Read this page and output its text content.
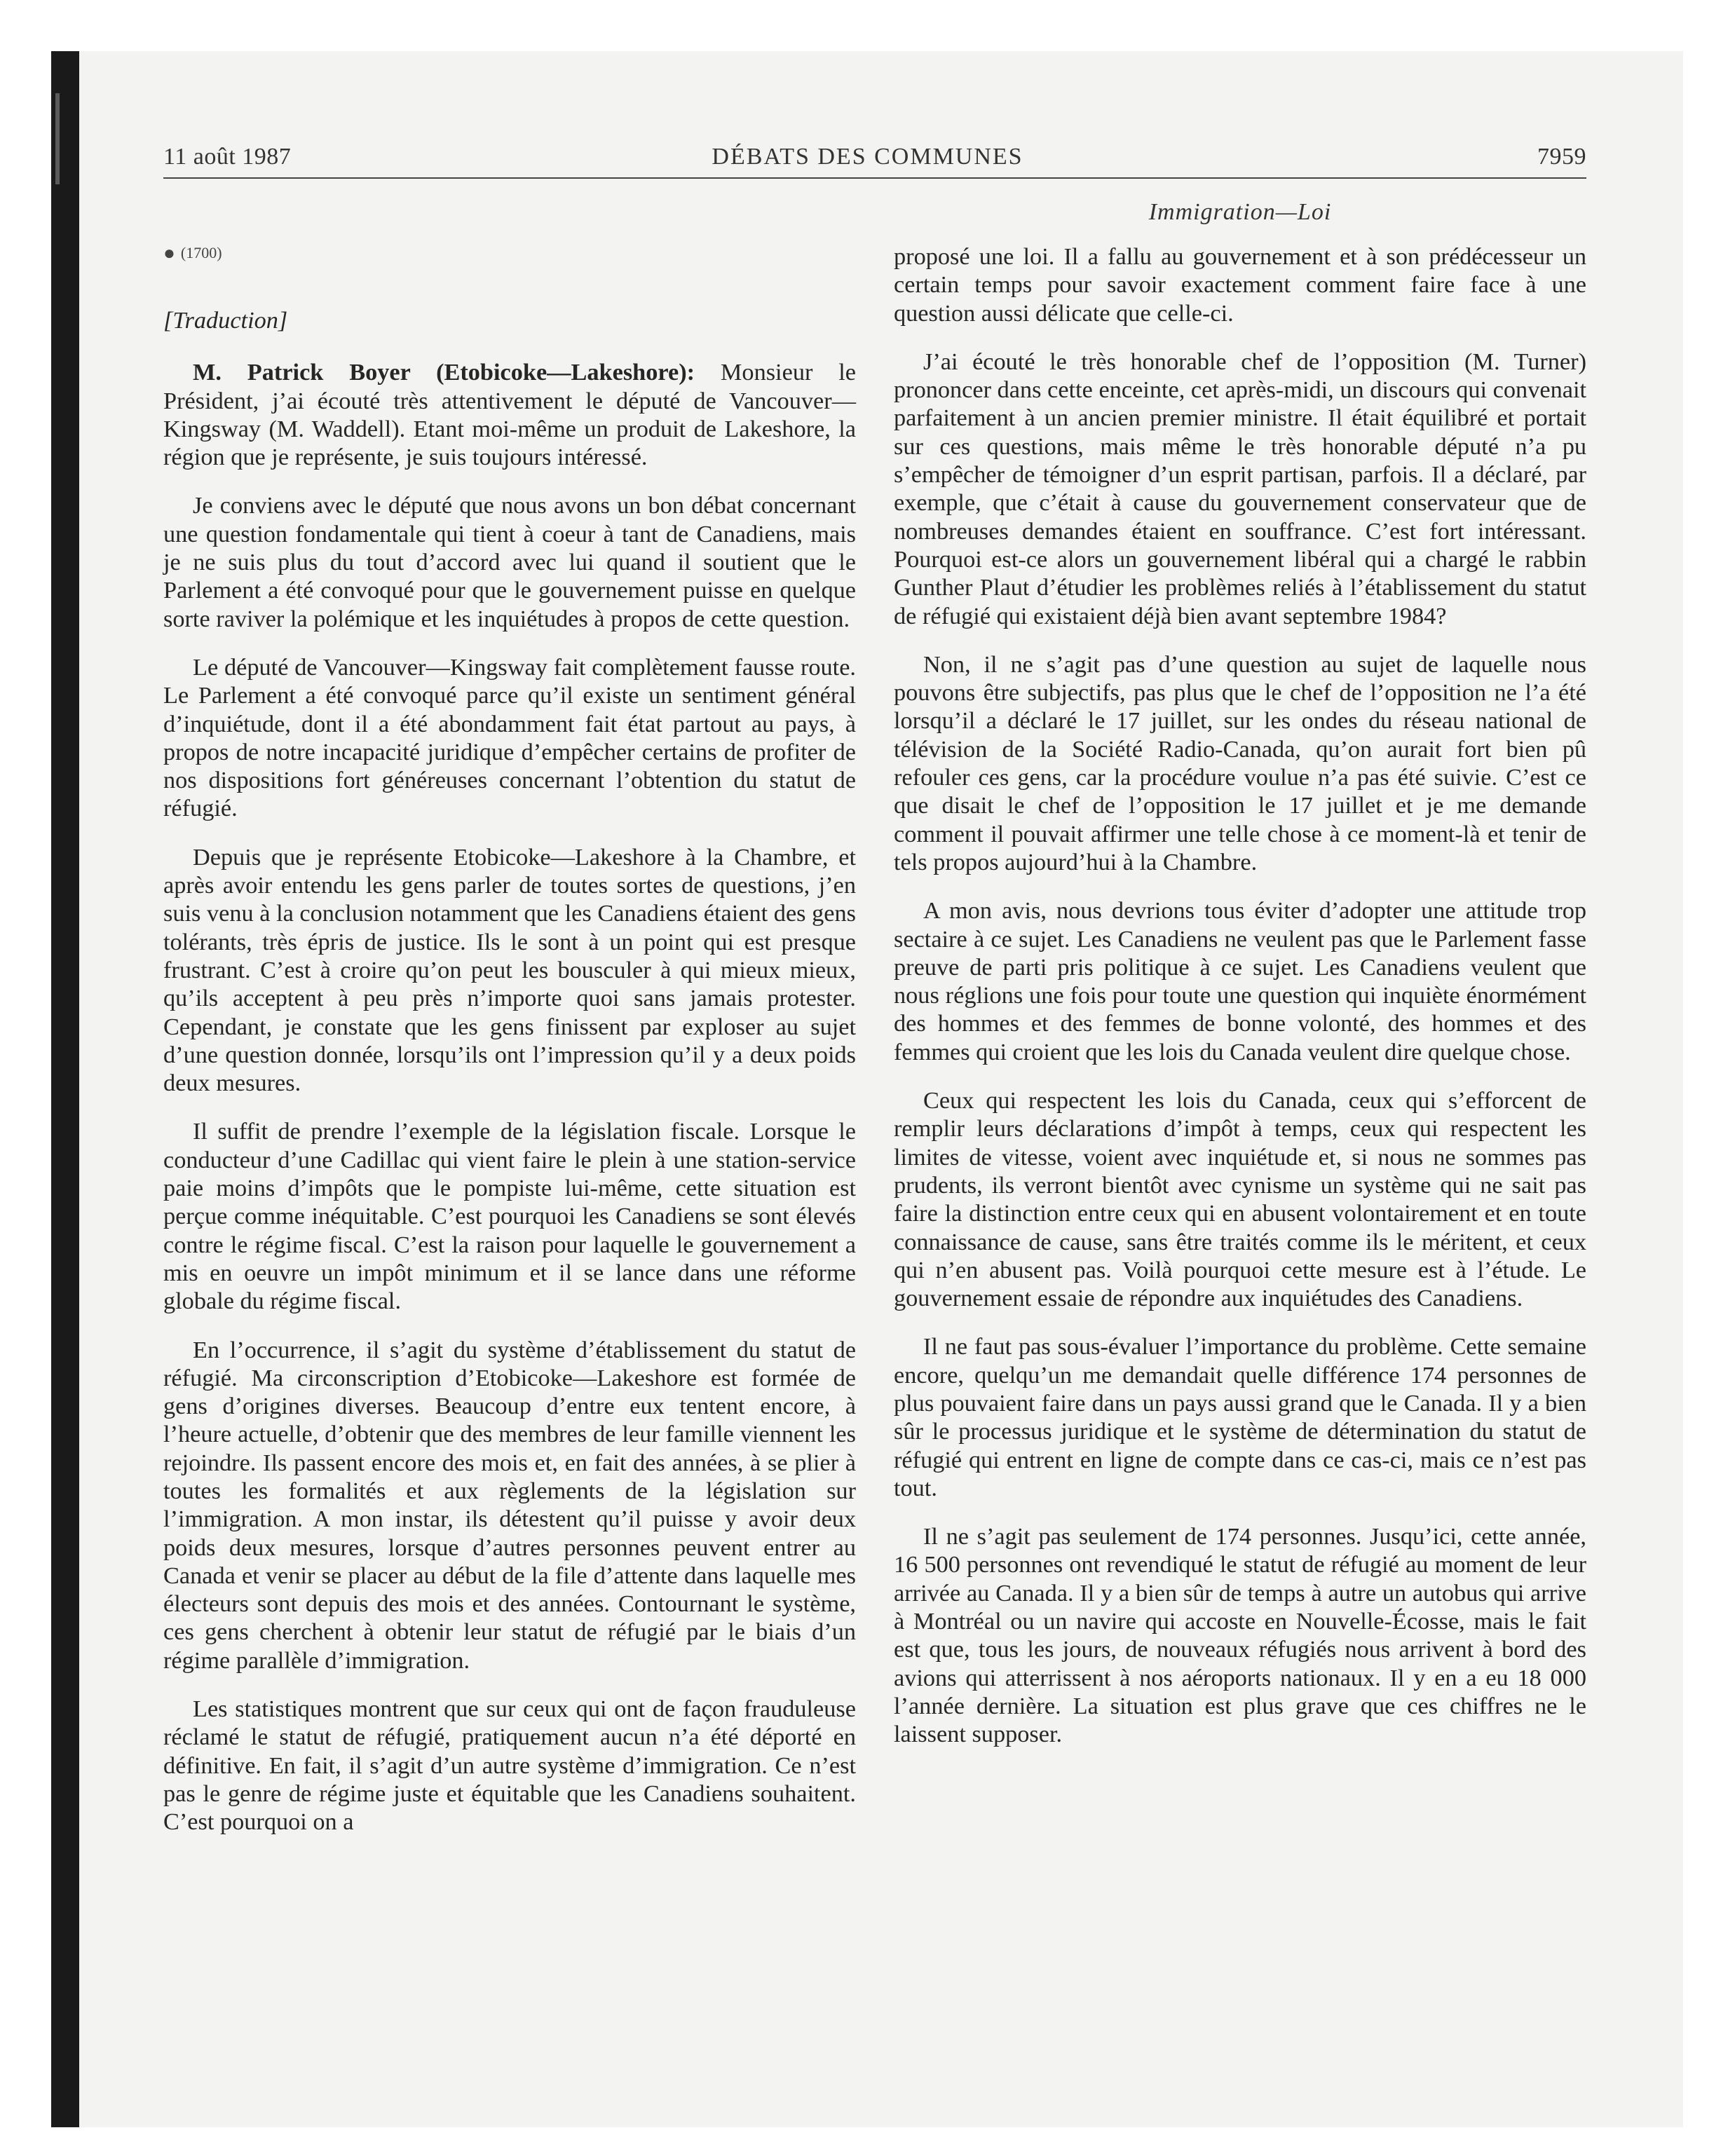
11 août 1987	DÉBATS DES COMMUNES	7959
Immigration—Loi
● (1700)
[Traduction]

M. Patrick Boyer (Etobicoke—Lakeshore): Monsieur le Président, j’ai écouté très attentivement le député de Vancouver—Kingsway (M. Waddell). Etant moi-même un produit de Lakeshore, la région que je représente, je suis toujours intéressé.

Je conviens avec le député que nous avons un bon débat concernant une question fondamentale qui tient à coeur à tant de Canadiens, mais je ne suis plus du tout d’accord avec lui quand il soutient que le Parlement a été convoqué pour que le gouvernement puisse en quelque sorte raviver la polémique et les inquiétudes à propos de cette question.

Le député de Vancouver—Kingsway fait complètement fausse route. Le Parlement a été convoqué parce qu’il existe un sentiment général d’inquiétude, dont il a été abondamment fait état partout au pays, à propos de notre incapacité juridique d’empêcher certains de profiter de nos dispositions fort généreuses concernant l’obtention du statut de réfugié.

Depuis que je représente Etobicoke—Lakeshore à la Chambre, et après avoir entendu les gens parler de toutes sortes de questions, j’en suis venu à la conclusion notamment que les Canadiens étaient des gens tolérants, très épris de justice. Ils le sont à un point qui est presque frustrant. C’est à croire qu’on peut les bousculer à qui mieux mieux, qu’ils acceptent à peu près n’importe quoi sans jamais protester. Cependant, je constate que les gens finissent par exploser au sujet d’une question donnée, lorsqu’ils ont l’impression qu’il y a deux poids deux mesures.

Il suffit de prendre l’exemple de la législation fiscale. Lorsque le conducteur d’une Cadillac qui vient faire le plein à une station-service paie moins d’impôts que le pompiste lui-même, cette situation est perçue comme inéquitable. C’est pourquoi les Canadiens se sont élevés contre le régime fiscal. C’est la raison pour laquelle le gouvernement a mis en oeuvre un impôt minimum et il se lance dans une réforme globale du régime fiscal.

En l’occurrence, il s’agit du système d’établissement du statut de réfugié. Ma circonscription d’Etobicoke—Lakeshore est formée de gens d’origines diverses. Beaucoup d’entre eux tentent encore, à l’heure actuelle, d’obtenir que des membres de leur famille viennent les rejoindre. Ils passent encore des mois et, en fait des années, à se plier à toutes les formalités et aux règlements de la législation sur l’immigration. A mon instar, ils détestent qu’il puisse y avoir deux poids deux mesures, lorsque d’autres personnes peuvent entrer au Canada et venir se placer au début de la file d’attente dans laquelle mes électeurs sont depuis des mois et des années. Contournant le système, ces gens cherchent à obtenir leur statut de réfugié par le biais d’un régime parallèle d’immigration.

Les statistiques montrent que sur ceux qui ont de façon frauduleuse réclamé le statut de réfugié, pratiquement aucun n’a été déporté en définitive. En fait, il s’agit d’un autre système d’immigration. Ce n’est pas le genre de régime juste et équitable que les Canadiens souhaitent. C’est pourquoi on a

proposé une loi. Il a fallu au gouvernement et à son prédécesseur un certain temps pour savoir exactement comment faire face à une question aussi délicate que celle-ci.

J’ai écouté le très honorable chef de l’opposition (M. Turner) prononcer dans cette enceinte, cet après-midi, un discours qui convenait parfaitement à un ancien premier ministre. Il était équilibré et portait sur ces questions, mais même le très honorable député n’a pu s’empêcher de témoigner d’un esprit partisan, parfois. Il a déclaré, par exemple, que c’était à cause du gouvernement conservateur que de nombreuses demandes étaient en souffrance. C’est fort intéressant. Pourquoi est-ce alors un gouvernement libéral qui a chargé le rabbin Gunther Plaut d’étudier les problèmes reliés à l’établissement du statut de réfugié qui existaient déjà bien avant septembre 1984?

Non, il ne s’agit pas d’une question au sujet de laquelle nous pouvons être subjectifs, pas plus que le chef de l’opposition ne l’a été lorsqu’il a déclaré le 17 juillet, sur les ondes du réseau national de télévision de la Société Radio-Canada, qu’on aurait fort bien pû refouler ces gens, car la procédure voulue n’a pas été suivie. C’est ce que disait le chef de l’opposition le 17 juillet et je me demande comment il pouvait affirmer une telle chose à ce moment-là et tenir de tels propos aujourd’hui à la Chambre.

A mon avis, nous devrions tous éviter d’adopter une attitude trop sectaire à ce sujet. Les Canadiens ne veulent pas que le Parlement fasse preuve de parti pris politique à ce sujet. Les Canadiens veulent que nous réglions une fois pour toute une question qui inquiète énormément des hommes et des femmes de bonne volonté, des hommes et des femmes qui croient que les lois du Canada veulent dire quelque chose.

Ceux qui respectent les lois du Canada, ceux qui s’efforcent de remplir leurs déclarations d’impôt à temps, ceux qui respectent les limites de vitesse, voient avec inquiétude et, si nous ne sommes pas prudents, ils verront bientôt avec cynisme un système qui ne sait pas faire la distinction entre ceux qui en abusent volontairement et en toute connaissance de cause, sans être traités comme ils le méritent, et ceux qui n’en abusent pas. Voilà pourquoi cette mesure est à l’étude. Le gouvernement essaie de répondre aux inquiétudes des Canadiens.

Il ne faut pas sous-évaluer l’importance du problème. Cette semaine encore, quelqu’un me demandait quelle différence 174 personnes de plus pouvaient faire dans un pays aussi grand que le Canada. Il y a bien sûr le processus juridique et le système de détermination du statut de réfugié qui entrent en ligne de compte dans ce cas-ci, mais ce n’est pas tout.

Il ne s’agit pas seulement de 174 personnes. Jusqu’ici, cette année, 16 500 personnes ont revendiqué le statut de réfugié au moment de leur arrivée au Canada. Il y a bien sûr de temps à autre un autobus qui arrive à Montréal ou un navire qui accoste en Nouvelle-Écosse, mais le fait est que, tous les jours, de nouveaux réfugiés nous arrivent à bord des avions qui atterrissent à nos aéroports nationaux. Il y en a eu 18 000 l’année dernière. La situation est plus grave que ces chiffres ne le laissent supposer.
